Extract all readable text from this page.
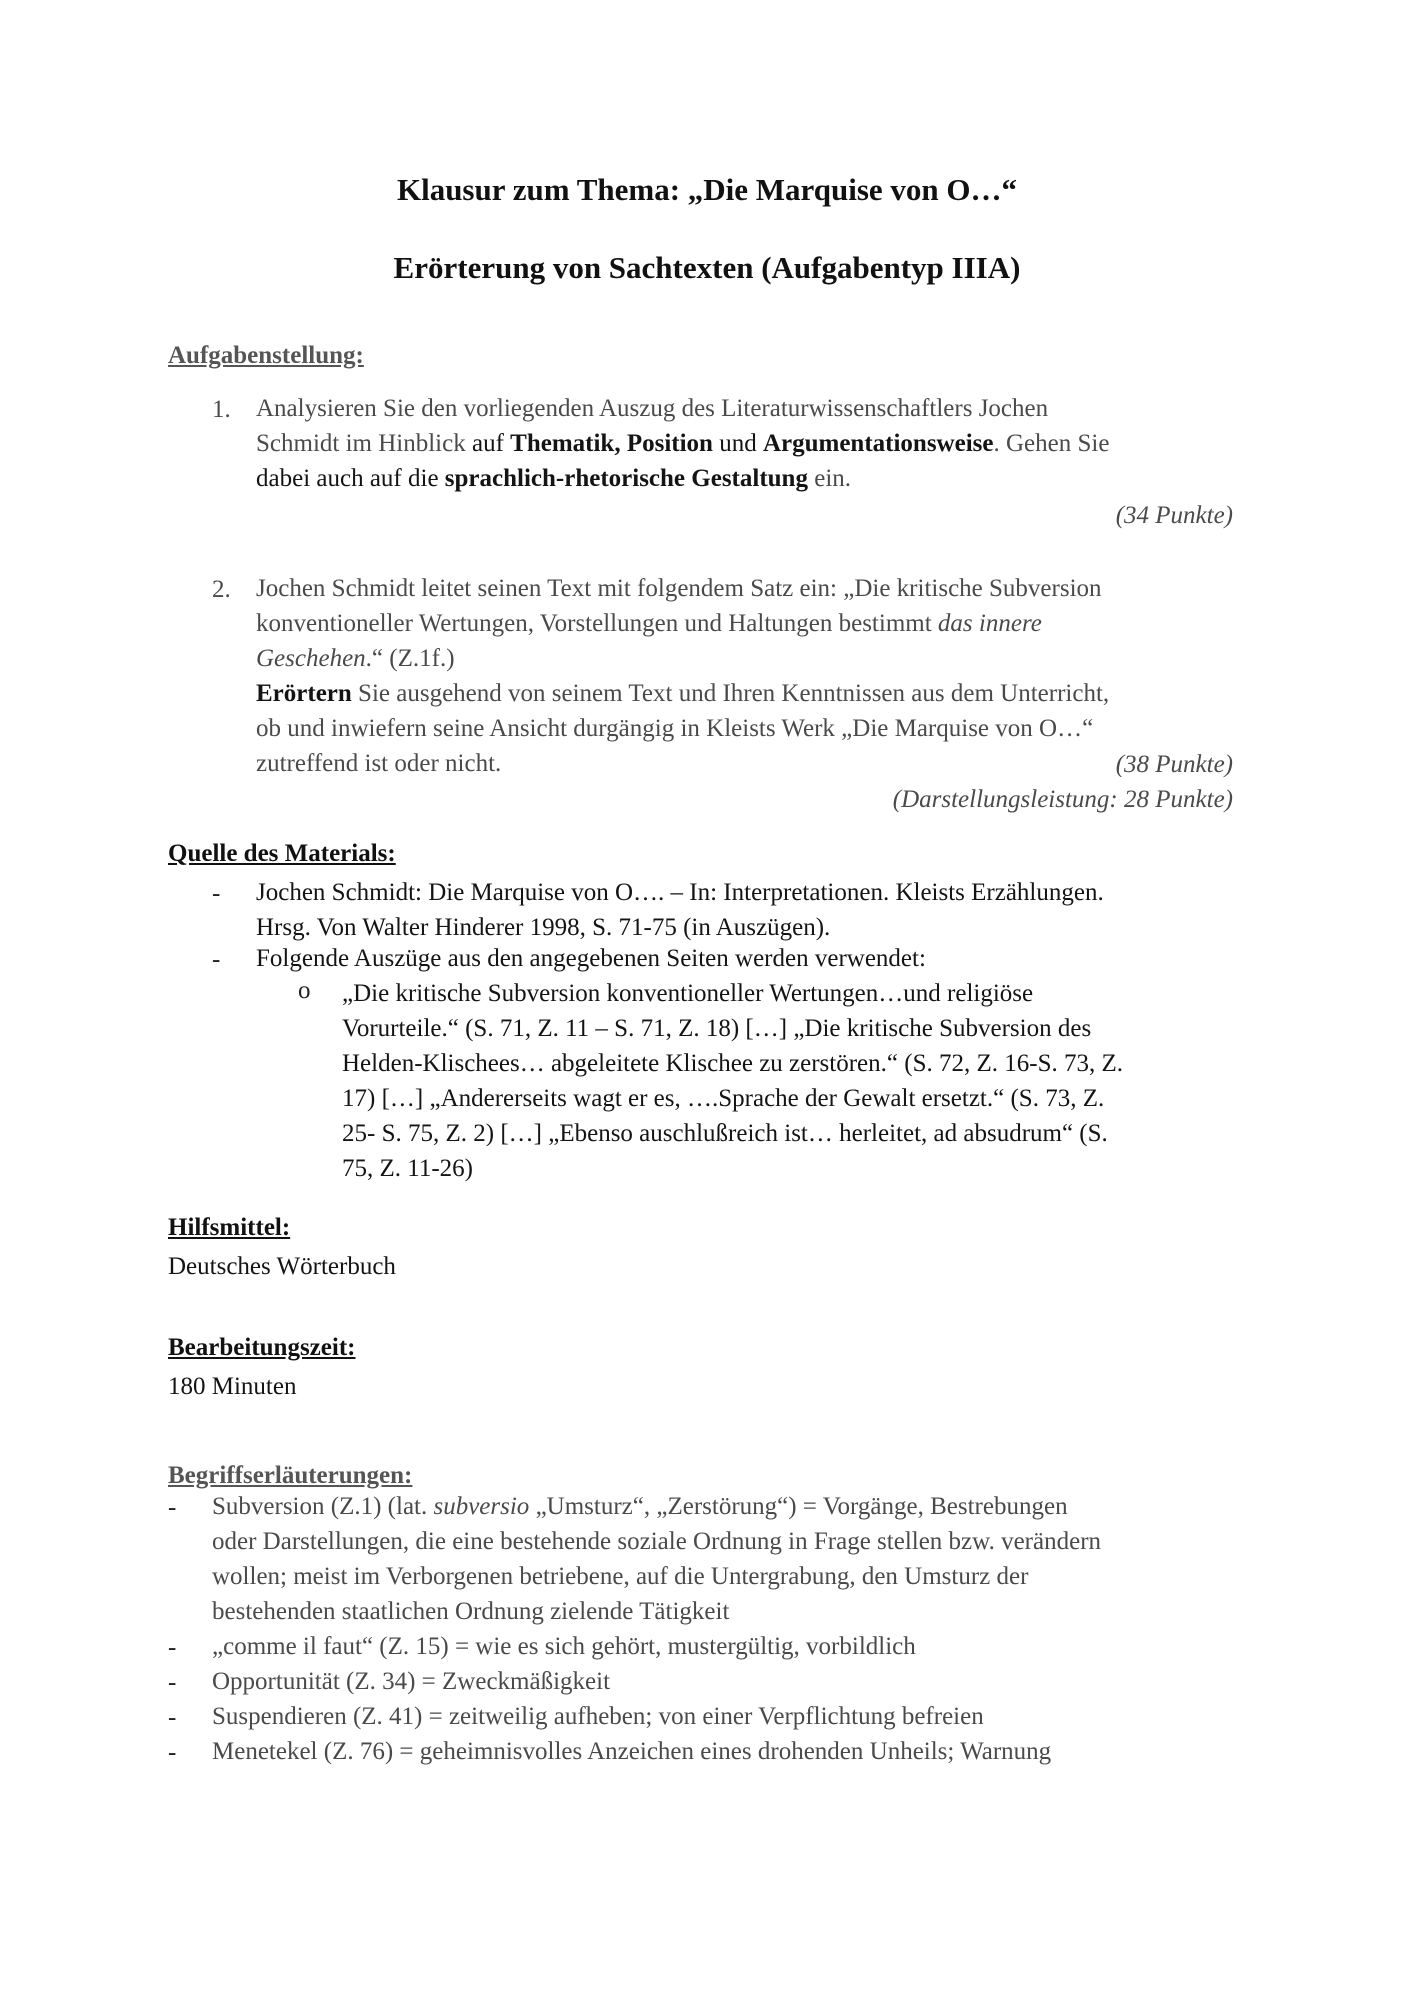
Klausur zum Thema: „Die Marquise von O…“
Erörterung von Sachtexten (Aufgabentyp IIIA)
Aufgabenstellung:
1. Analysieren Sie den vorliegenden Auszug des Literaturwissenschaftlers Jochen
Schmidt im Hinblick auf Thematik, Position und Argumentationsweise. Gehen Sie
dabei auch auf die sprachlich-rhetorische Gestaltung ein.
(34 Punkte)
2. Jochen Schmidt leitet seinen Text mit folgendem Satz ein: „Die kritische Subversion
konventioneller Wertungen, Vorstellungen und Haltungen bestimmt das innere
Geschehen.“ (Z.1f.)
Erörtern Sie ausgehend von seinem Text und Ihren Kenntnissen aus dem Unterricht,
ob und inwiefern seine Ansicht durgängig in Kleists Werk „Die Marquise von O…“
zutreffend ist oder nicht.	(38 Punkte)
(Darstellungsleistung: 28 Punkte)
Quelle des Materials:
- Jochen Schmidt: Die Marquise von O…. – In: Interpretationen. Kleists Erzählungen.
Hrsg. Von Walter Hinderer 1998, S. 71-75 (in Auszügen).
- Folgende Auszüge aus den angegebenen Seiten werden verwendet:
o „Die kritische Subversion konventioneller Wertungen…und religiöse
Vorurteile.“ (S. 71, Z. 11 – S. 71, Z. 18) […] „Die kritische Subversion des
Helden-Klischees… abgeleitete Klischee zu zerstören.“ (S. 72, Z. 16-S. 73, Z.
17) […] „Andererseits wagt er es, ….Sprache der Gewalt ersetzt.“ (S. 73, Z.
25- S. 75, Z. 2) […] „Ebenso auschlußreich ist… herleitet, ad absudrum“ (S.
75, Z. 11-26)
Hilfsmittel:
Deutsches Wörterbuch
Bearbeitungszeit:
180 Minuten
Begriffserläuterungen:
- Subversion (Z.1) (lat. subversio „Umsturz“, „Zerstörung“) = Vorgänge, Bestrebungen
oder Darstellungen, die eine bestehende soziale Ordnung in Frage stellen bzw. verändern
wollen; meist im Verborgenen betriebene, auf die Untergrabung, den Umsturz der
bestehenden staatlichen Ordnung zielende Tätigkeit
- „comme il faut“ (Z. 15) = wie es sich gehört, mustergültig, vorbildlich
- Opportunität (Z. 34) = Zweckmäßigkeit
- Suspendieren (Z. 41) = zeitweilig aufheben; von einer Verpflichtung befreien
- Menetekel (Z. 76) = geheimnisvolles Anzeichen eines drohenden Unheils; Warnung
